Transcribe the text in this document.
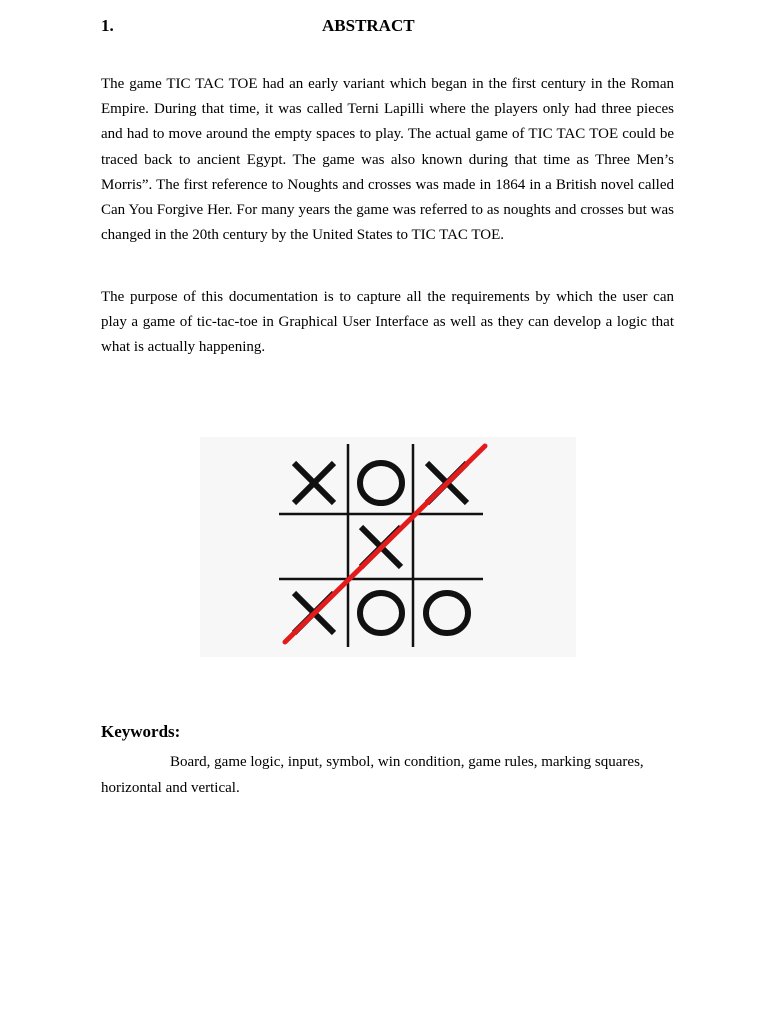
1.	ABSTRACT

The game TIC TAC TOE had an early variant which began in the first century in the Roman Empire. During that time, it was called Terni Lapilli where the players only had three pieces and had to move around the empty spaces to play. The actual game of TIC TAC TOE could be traced back to ancient Egypt. The game was also known during that time as Three Men’s Morris”. The first reference to Noughts and crosses was made in 1864 in a British novel called Can You Forgive Her. For many years the game was referred to as noughts and crosses but was changed in the 20th century by the United States to TIC TAC TOE.

The purpose of this documentation is to capture all the requirements by which the user can play a game of tic-tac-toe in Graphical User Interface as well as they can develop a logic that what is actually happening.

Keywords:

Board, game logic, input, symbol, win condition, game rules, marking squares, horizontal and vertical.
